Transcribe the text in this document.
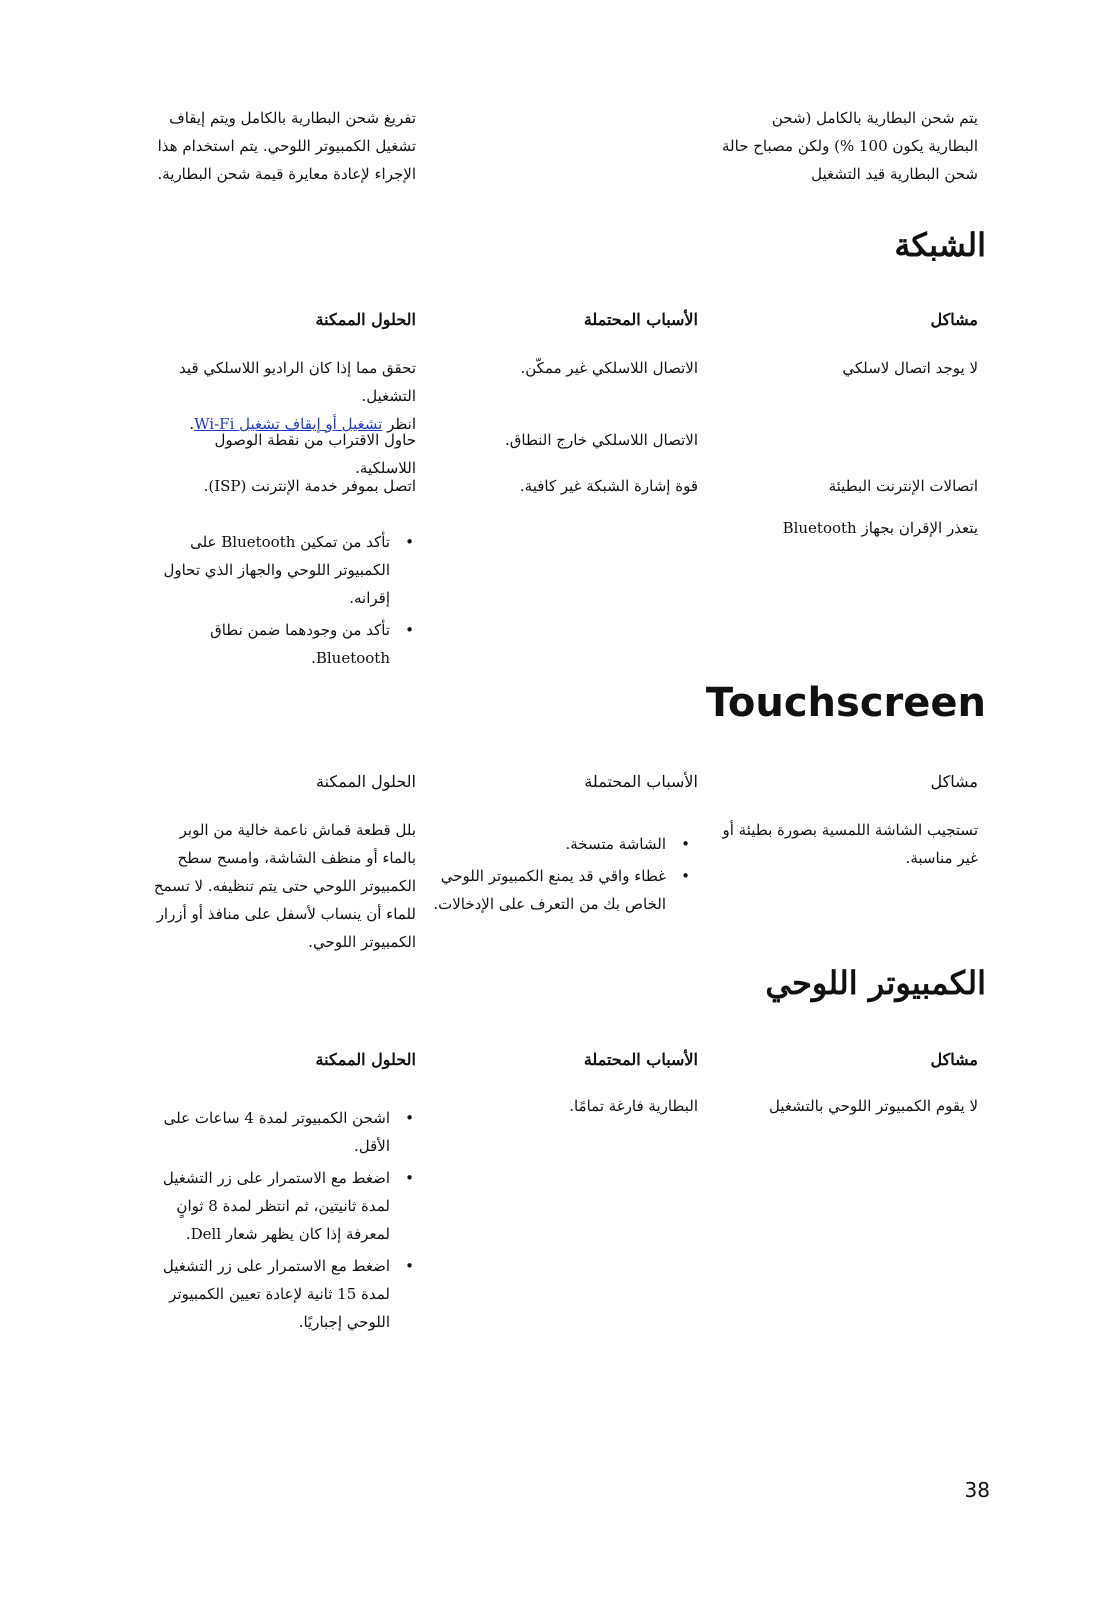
يتم شحن البطارية بالكامل (شحن البطارية يكون 100 %) ولكن مصباح حالة شحن البطارية قيد التشغيل
تفريغ شحن البطارية بالكامل ويتم إيقاف تشغيل الكمبيوتر اللوحي. يتم استخدام هذا الإجراء لإعادة معايرة قيمة شحن البطارية.
الشبكة
مشاكل
الأسباب المحتملة
الحلول الممكنة
لا يوجد اتصال لاسلكي
الاتصال اللاسلكي غير ممكّن.
تحقق مما إذا كان الراديو اللاسلكي قيد التشغيل.
انظر تشغيل أو إيقاف تشغيل Wi-Fi.
الاتصال اللاسلكي خارج النطاق.
حاول الاقتراب من نقطة الوصول اللاسلكية.
اتصالات الإنترنت البطيئة
قوة إشارة الشبكة غير كافية.
اتصل بموفر خدمة الإنترنت (ISP).
يتعذر الإقران بجهاز Bluetooth
• تأكد من تمكين Bluetooth على الكمبيوتر اللوحي والجهاز الذي تحاول إقرانه.
• تأكد من وجودهما ضمن نطاق Bluetooth.
Touchscreen
مشاكل
الأسباب المحتملة
الحلول الممكنة
تستجيب الشاشة اللمسية بصورة بطيئة أو غير مناسبة.
• الشاشة متسخة.
• غطاء واقي قد يمنع الكمبيوتر اللوحي الخاص بك من التعرف على الإدخالات.
بلل قطعة قماش ناعمة خالية من الوبر بالماء أو منظف الشاشة، وامسح سطح الكمبيوتر اللوحي حتى يتم تنظيفه. لا تسمح للماء أن ينساب لأسفل على منافذ أو أزرار الكمبيوتر اللوحي.
الكمبيوتر اللوحي
مشاكل
الأسباب المحتملة
الحلول الممكنة
لا يقوم الكمبيوتر اللوحي بالتشغيل
البطارية فارغة تمامًا.
• اشحن الكمبيوتر لمدة 4 ساعات على الأقل.
• اضغط مع الاستمرار على زر التشغيل لمدة ثانيتين، ثم انتظر لمدة 8 ثوانٍ لمعرفة إذا كان يظهر شعار Dell.
• اضغط مع الاستمرار على زر التشغيل لمدة 15 ثانية لإعادة تعيين الكمبيوتر اللوحي إجباريًا.
38
